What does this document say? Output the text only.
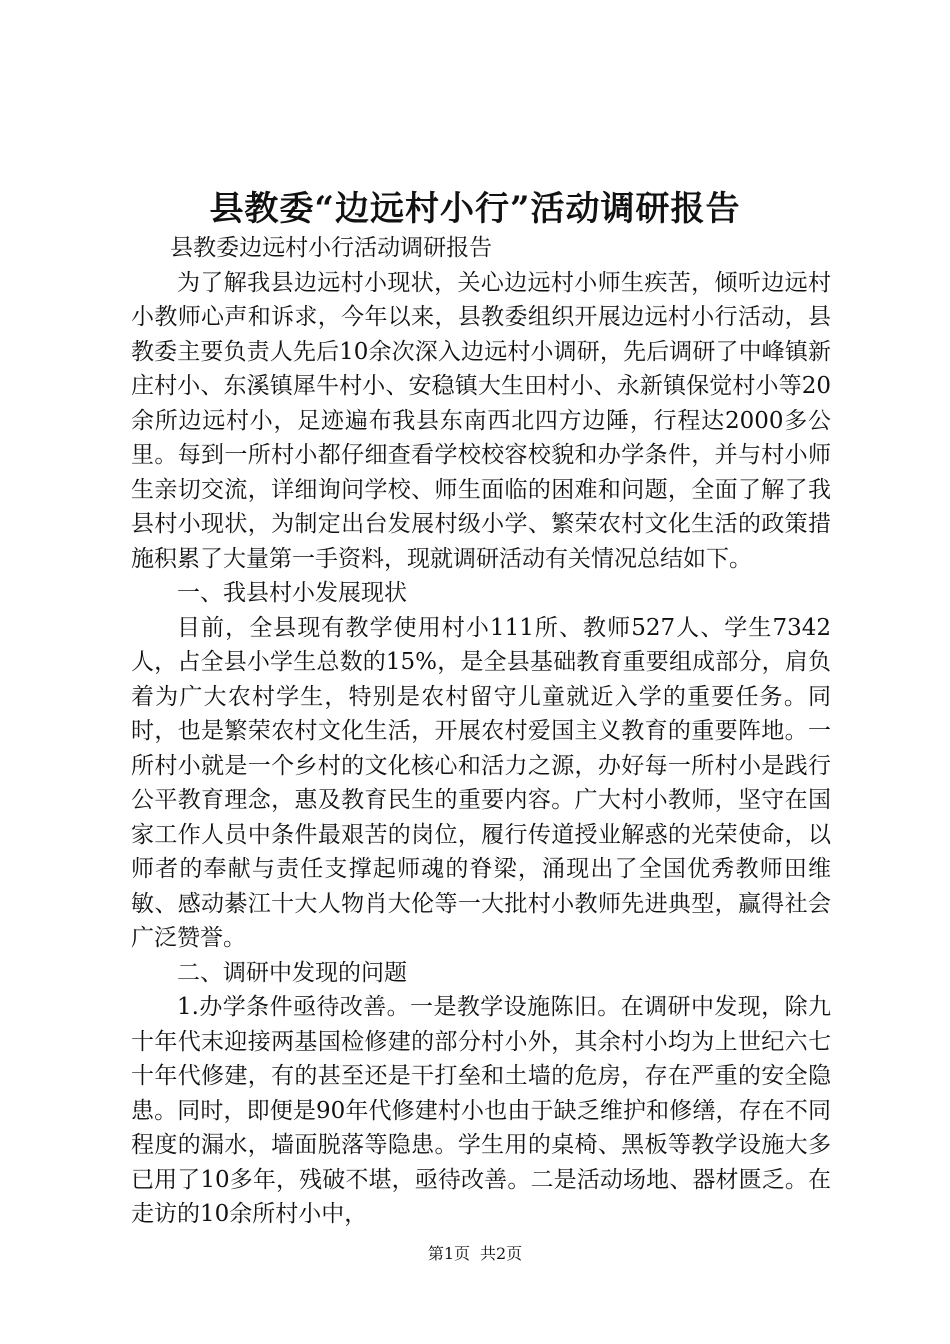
县教委“边远村小行”活动调研报告

县教委边远村小行活动调研报告

为了解我县边远村小现状，关心边远村小师生疾苦，倾听边远村小教师心声和诉求，今年以来，县教委组织开展边远村小行活动，县教委主要负责人先后10余次深入边远村小调研，先后调研了中峰镇新庄村小、东溪镇犀牛村小、安稳镇大生田村小、永新镇保觉村小等20余所边远村小，足迹遍布我县东南西北四方边陲，行程达2000多公里。每到一所村小都仔细查看学校校容校貌和办学条件，并与村小师生亲切交流，详细询问学校、师生面临的困难和问题，全面了解了我县村小现状，为制定出台发展村级小学、繁荣农村文化生活的政策措施积累了大量第一手资料，现就调研活动有关情况总结如下。

一、我县村小发展现状

目前，全县现有教学使用村小111所、教师527人、学生7342人，占全县小学生总数的15%，是全县基础教育重要组成部分，肩负着为广大农村学生，特别是农村留守儿童就近入学的重要任务。同时，也是繁荣农村文化生活，开展农村爱国主义教育的重要阵地。一所村小就是一个乡村的文化核心和活力之源，办好每一所村小是践行公平教育理念，惠及教育民生的重要内容。广大村小教师，坚守在国家工作人员中条件最艰苦的岗位，履行传道授业解惑的光荣使命，以师者的奉献与责任支撑起师魂的脊梁，涌现出了全国优秀教师田维敏、感动綦江十大人物肖大伦等一大批村小教师先进典型，赢得社会广泛赞誉。

二、调研中发现的问题

1.办学条件亟待改善。一是教学设施陈旧。在调研中发现，除九十年代末迎接两基国检修建的部分村小外，其余村小均为上世纪六七十年代修建，有的甚至还是干打垒和土墙的危房，存在严重的安全隐患。同时，即便是90年代修建村小也由于缺乏维护和修缮，存在不同程度的漏水，墙面脱落等隐患。学生用的桌椅、黑板等教学设施大多已用了10多年，残破不堪，亟待改善。二是活动场地、器材匮乏。在走访的10余所村小中，

第1页 共2页
